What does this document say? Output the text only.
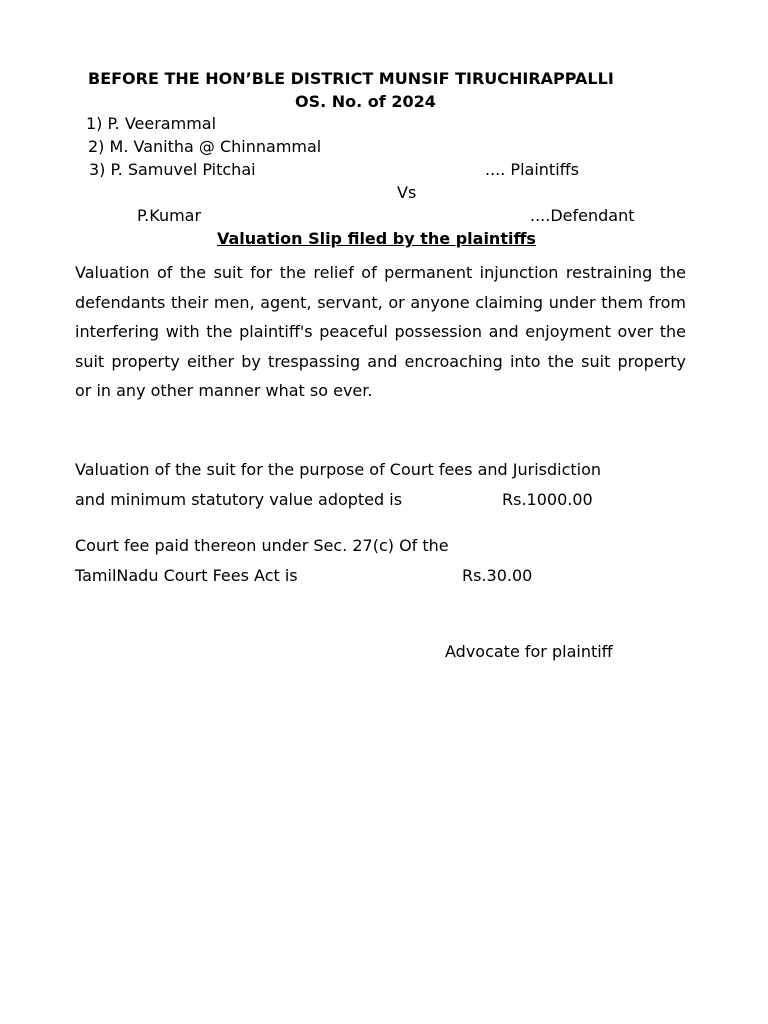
BEFORE THE HON’BLE DISTRICT MUNSIF TIRUCHIRAPPALLI
OS. No. of 2024
1) P. Veerammal
2) M. Vanitha @ Chinnammal
3) P. Samuvel Pitchai	.... Plaintiffs
Vs
P.Kumar	....Defendant
Valuation Slip filed by the plaintiffs

Valuation of the suit for the relief of permanent injunction restraining the defendants their men, agent, servant, or anyone claiming under them from interfering with the plaintiff's peaceful possession and enjoyment over the suit property either by trespassing and encroaching into the suit property or in any other manner what so ever.

Valuation of the suit for the purpose of Court fees and Jurisdiction
and minimum statutory value adopted is	Rs.1000.00
Court fee paid thereon under Sec. 27(c) Of the
TamilNadu Court Fees Act is	Rs.30.00
Advocate for plaintiff
